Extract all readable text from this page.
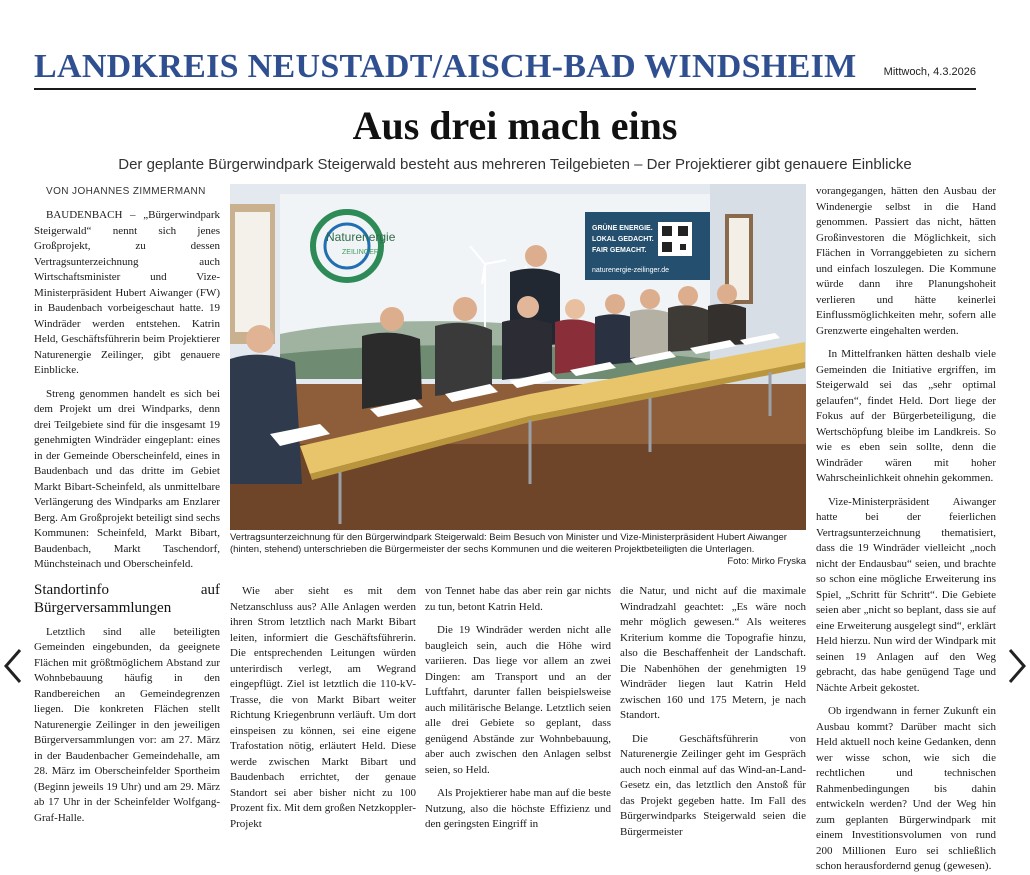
LANDKREIS NEUSTADT/AISCH-BAD WINDSHEIM Mittwoch, 4.3.2026
Aus drei mach eins
Der geplante Bürgerwindpark Steigerwald besteht aus mehreren Teilgebieten – Der Projektierer gibt genauere Einblicke
VON JOHANNES ZIMMERMANN

BAUDENBACH – „Bürgerwindpark Steigerwald“ nennt sich jenes Großprojekt, zu dessen Vertragsunterzeichnung auch Wirtschaftsminister und Vize-Ministerpräsident Hubert Aiwanger (FW) in Baudenbach vorbeigeschaut hatte. 19 Windräder werden entstehen. Katrin Held, Geschäftsführerin beim Projektierer Naturenergie Zeilinger, gibt genauere Einblicke.

Streng genommen handelt es sich bei dem Projekt um drei Windparks, denn drei Teilgebiete sind für die insgesamt 19 genehmigten Windräder eingeplant: eines in der Gemeinde Oberscheinfeld, eines in Baudenbach und das dritte im Gebiet Markt Bibart-Scheinfeld, als unmittelbare Verlängerung des Windparks am Enzlarer Berg. Am Großprojekt beteiligt sind sechs Kommunen: Scheinfeld, Markt Bibart, Baudenbach, Markt Taschendorf, Münchsteinach und Oberscheinfeld.

Standortinfo auf Bürgerversammlungen

Letztlich sind alle beteiligten Gemeinden eingebunden, da geeignete Flächen mit größtmöglichem Abstand zur Wohnbebauung häufig in den Randbereichen an Gemeindegrenzen liegen. Die konkreten Flächen stellt Naturenergie Zeilinger in den jeweiligen Bürgerversammlungen vor: am 27. März in der Baudenbacher Gemeindehalle, am 28. März im Oberscheinfelder Sportheim (Beginn jeweils 19 Uhr) und am 29. März ab 17 Uhr in der Scheinfelder Wolfgang-Graf-Halle.

Naturenergie
ZEILINGER
GRÜNE ENERGIE.
LOKAL GEDACHT.
FAIR GEMACHT.
naturenergie-zeilinger.de
Vertragsunterzeichnung für den Bürgerwindpark Steigerwald: Beim Besuch von Minister und Vize-Ministerpräsident Hubert Aiwanger (hinten, stehend) unterschrieben die Bürgermeister der sechs Kommunen und die weiteren Projektbeteiligten die Unterlagen.
Foto: Mirko Fryska

Wie aber sieht es mit dem Netzanschluss aus? Alle Anlagen werden ihren Strom letztlich nach Markt Bibart leiten, informiert die Geschäftsführerin. Die entsprechenden Leitungen würden unterirdisch verlegt, am Wegrand eingepflügt. Ziel ist letztlich die 110-kV-Trasse, die von Markt Bibart weiter Richtung Kriegenbrunn verläuft. Um dort einspeisen zu können, sei eine eigene Trafostation nötig, erläutert Held. Diese werde zwischen Markt Bibart und Baudenbach errichtet, der genaue Standort sei aber bisher nicht zu 100 Prozent fix. Mit dem großen Netzkoppler-Projekt

von Tennet habe das aber rein gar nichts zu tun, betont Katrin Held.

Die 19 Windräder werden nicht alle baugleich sein, auch die Höhe wird variieren. Das liege vor allem an zwei Dingen: am Transport und an der Luftfahrt, darunter fallen beispielsweise auch militärische Belange. Letztlich seien alle drei Gebiete so geplant, dass genügend Abstände zur Wohnbebauung, aber auch zwischen den Anlagen selbst seien, so Held.

Als Projektierer habe man auf die beste Nutzung, also die höchste Effizienz und den geringsten Eingriff in

die Natur, und nicht auf die maximale Windradzahl geachtet: „Es wäre noch mehr möglich gewesen.“ Als weiteres Kriterium komme die Topografie hinzu, also die Beschaffenheit der Landschaft. Die Nabenhöhen der genehmigten 19 Windräder liegen laut Katrin Held zwischen 160 und 175 Metern, je nach Standort.

Die Geschäftsführerin von Naturenergie Zeilinger geht im Gespräch auch noch einmal auf das Wind-an-Land-Gesetz ein, das letztlich den Anstoß für das Projekt gegeben hatte. Im Fall des Bürgerwindparks Steigerwald seien die Bürgermeister

vorangegangen, hätten den Ausbau der Windenergie selbst in die Hand genommen. Passiert das nicht, hätten Großinvestoren die Möglichkeit, sich Flächen in Vorranggebieten zu sichern und einfach loszulegen. Die Kommune würde dann ihre Planungshoheit verlieren und hätte keinerlei Einflussmöglichkeiten mehr, sofern alle Grenzwerte eingehalten werden.

In Mittelfranken hätten deshalb viele Gemeinden die Initiative ergriffen, im Steigerwald sei das „sehr optimal gelaufen“, findet Held. Dort liege der Fokus auf der Bürgerbeteiligung, die Wertschöpfung bleibe im Landkreis. So wie es eben sein sollte, denn die Windräder wären mit hoher Wahrscheinlichkeit ohnehin gekommen.

Vize-Ministerpräsident Aiwanger hatte bei der feierlichen Vertragsunterzeichnung thematisiert, dass die 19 Windräder vielleicht „noch nicht der Endausbau“ seien, und brachte so schon eine mögliche Erweiterung ins Spiel, „Schritt für Schritt“. Die Gebiete seien aber „nicht so beplant, dass sie auf eine Erweiterung ausgelegt sind“, erklärt Held hierzu. Nun wird der Windpark mit seinen 19 Anlagen auf den Weg gebracht, das habe genügend Tage und Nächte Arbeit gekostet.

Ob irgendwann in ferner Zukunft ein Ausbau kommt? Darüber macht sich Held aktuell noch keine Gedanken, denn wer wisse schon, wie sich die rechtlichen und technischen Rahmenbedingungen bis dahin entwickeln werden? Und der Weg hin zum geplanten Bürgerwindpark mit einem Investitionsvolumen von rund 200 Millionen Euro sei schließlich schon herausfordernd genug (gewesen).
